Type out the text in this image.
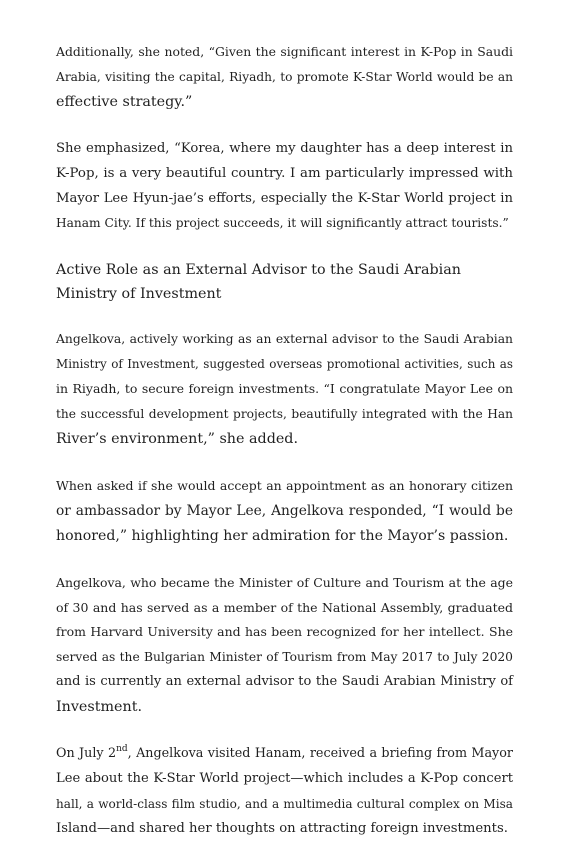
Additionally, she noted, “Given the significant interest in K-Pop in Saudi
Arabia, visiting the capital, Riyadh, to promote K-Star World would be an
effective strategy.”

She emphasized, “Korea, where my daughter has a deep interest in
K-Pop, is a very beautiful country. I am particularly impressed with
Mayor Lee Hyun-jae’s efforts, especially the K-Star World project in
Hanam City. If this project succeeds, it will significantly attract tourists.”

Active Role as an External Advisor to the Saudi Arabian Ministry of Investment

Angelkova, actively working as an external advisor to the Saudi Arabian
Ministry of Investment, suggested overseas promotional activities, such as
in Riyadh, to secure foreign investments. “I congratulate Mayor Lee on
the successful development projects, beautifully integrated with the Han
River’s environment,” she added.

When asked if she would accept an appointment as an honorary citizen
or ambassador by Mayor Lee, Angelkova responded, “I would be
honored,” highlighting her admiration for the Mayor’s passion.

Angelkova, who became the Minister of Culture and Tourism at the age
of 30 and has served as a member of the National Assembly, graduated
from Harvard University and has been recognized for her intellect. She
served as the Bulgarian Minister of Tourism from May 2017 to July 2020
and is currently an external advisor to the Saudi Arabian Ministry of
Investment.

On July 2nd, Angelkova visited Hanam, received a briefing from Mayor
Lee about the K-Star World project—which includes a K-Pop concert
hall, a world-class film studio, and a multimedia cultural complex on Misa
Island—and shared her thoughts on attracting foreign investments.
